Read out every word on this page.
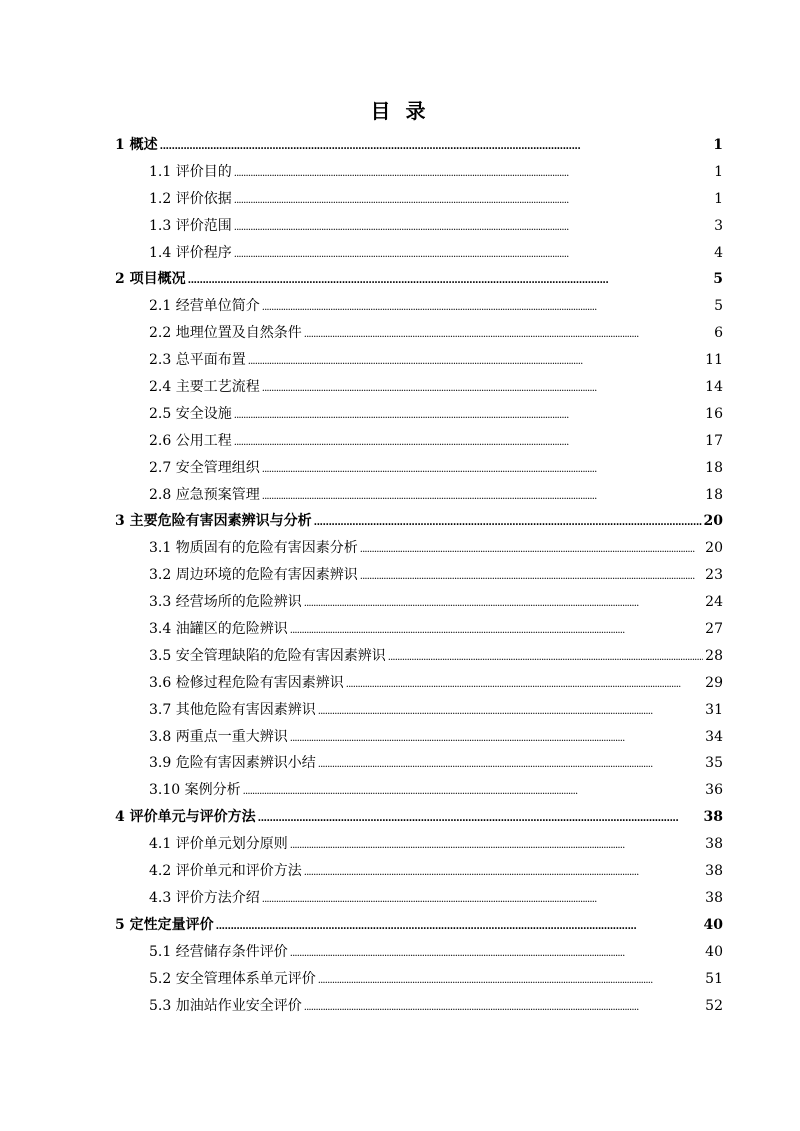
目 录
1 概述 . . .	1
1.1 评价目的 . . .	1
1.2 评价依据 . . .	1
1.3 评价范围 . . .	3
1.4 评价程序 . . .	4
2 项目概况 . . .	5
2.1 经营单位简介 . . .	5
2.2 地理位置及自然条件 . . .	6
2.3 总平面布置 . . .	11
2.4 主要工艺流程 . . .	14
2.5 安全设施 . . .	16
2.6 公用工程 . . .	17
2.7 安全管理组织 . . .	18
2.8 应急预案管理 . . .	18
3 主要危险有害因素辨识与分析 . . .	20
3.1 物质固有的危险有害因素分析 . . .	20
3.2 周边环境的危险有害因素辨识 . . .	23
3.3 经营场所的危险辨识 . . .	24
3.4 油罐区的危险辨识 . . .	27
3.5 安全管理缺陷的危险有害因素辨识 . . .	28
3.6 检修过程危险有害因素辨识 . . .	29
3.7 其他危险有害因素辨识 . . .	31
3.8 两重点一重大辨识 . . .	34
3.9 危险有害因素辨识小结 . . .	35
3.10 案例分析 . . .	36
4 评价单元与评价方法 . . .	38
4.1 评价单元划分原则 . . .	38
4.2 评价单元和评价方法 . . .	38
4.3 评价方法介绍 . . .	38
5 定性定量评价 . . .	40
5.1 经营储存条件评价 . . .	40
5.2 安全管理体系单元评价 . . .	51
5.3 加油站作业安全评价 . . .	52
